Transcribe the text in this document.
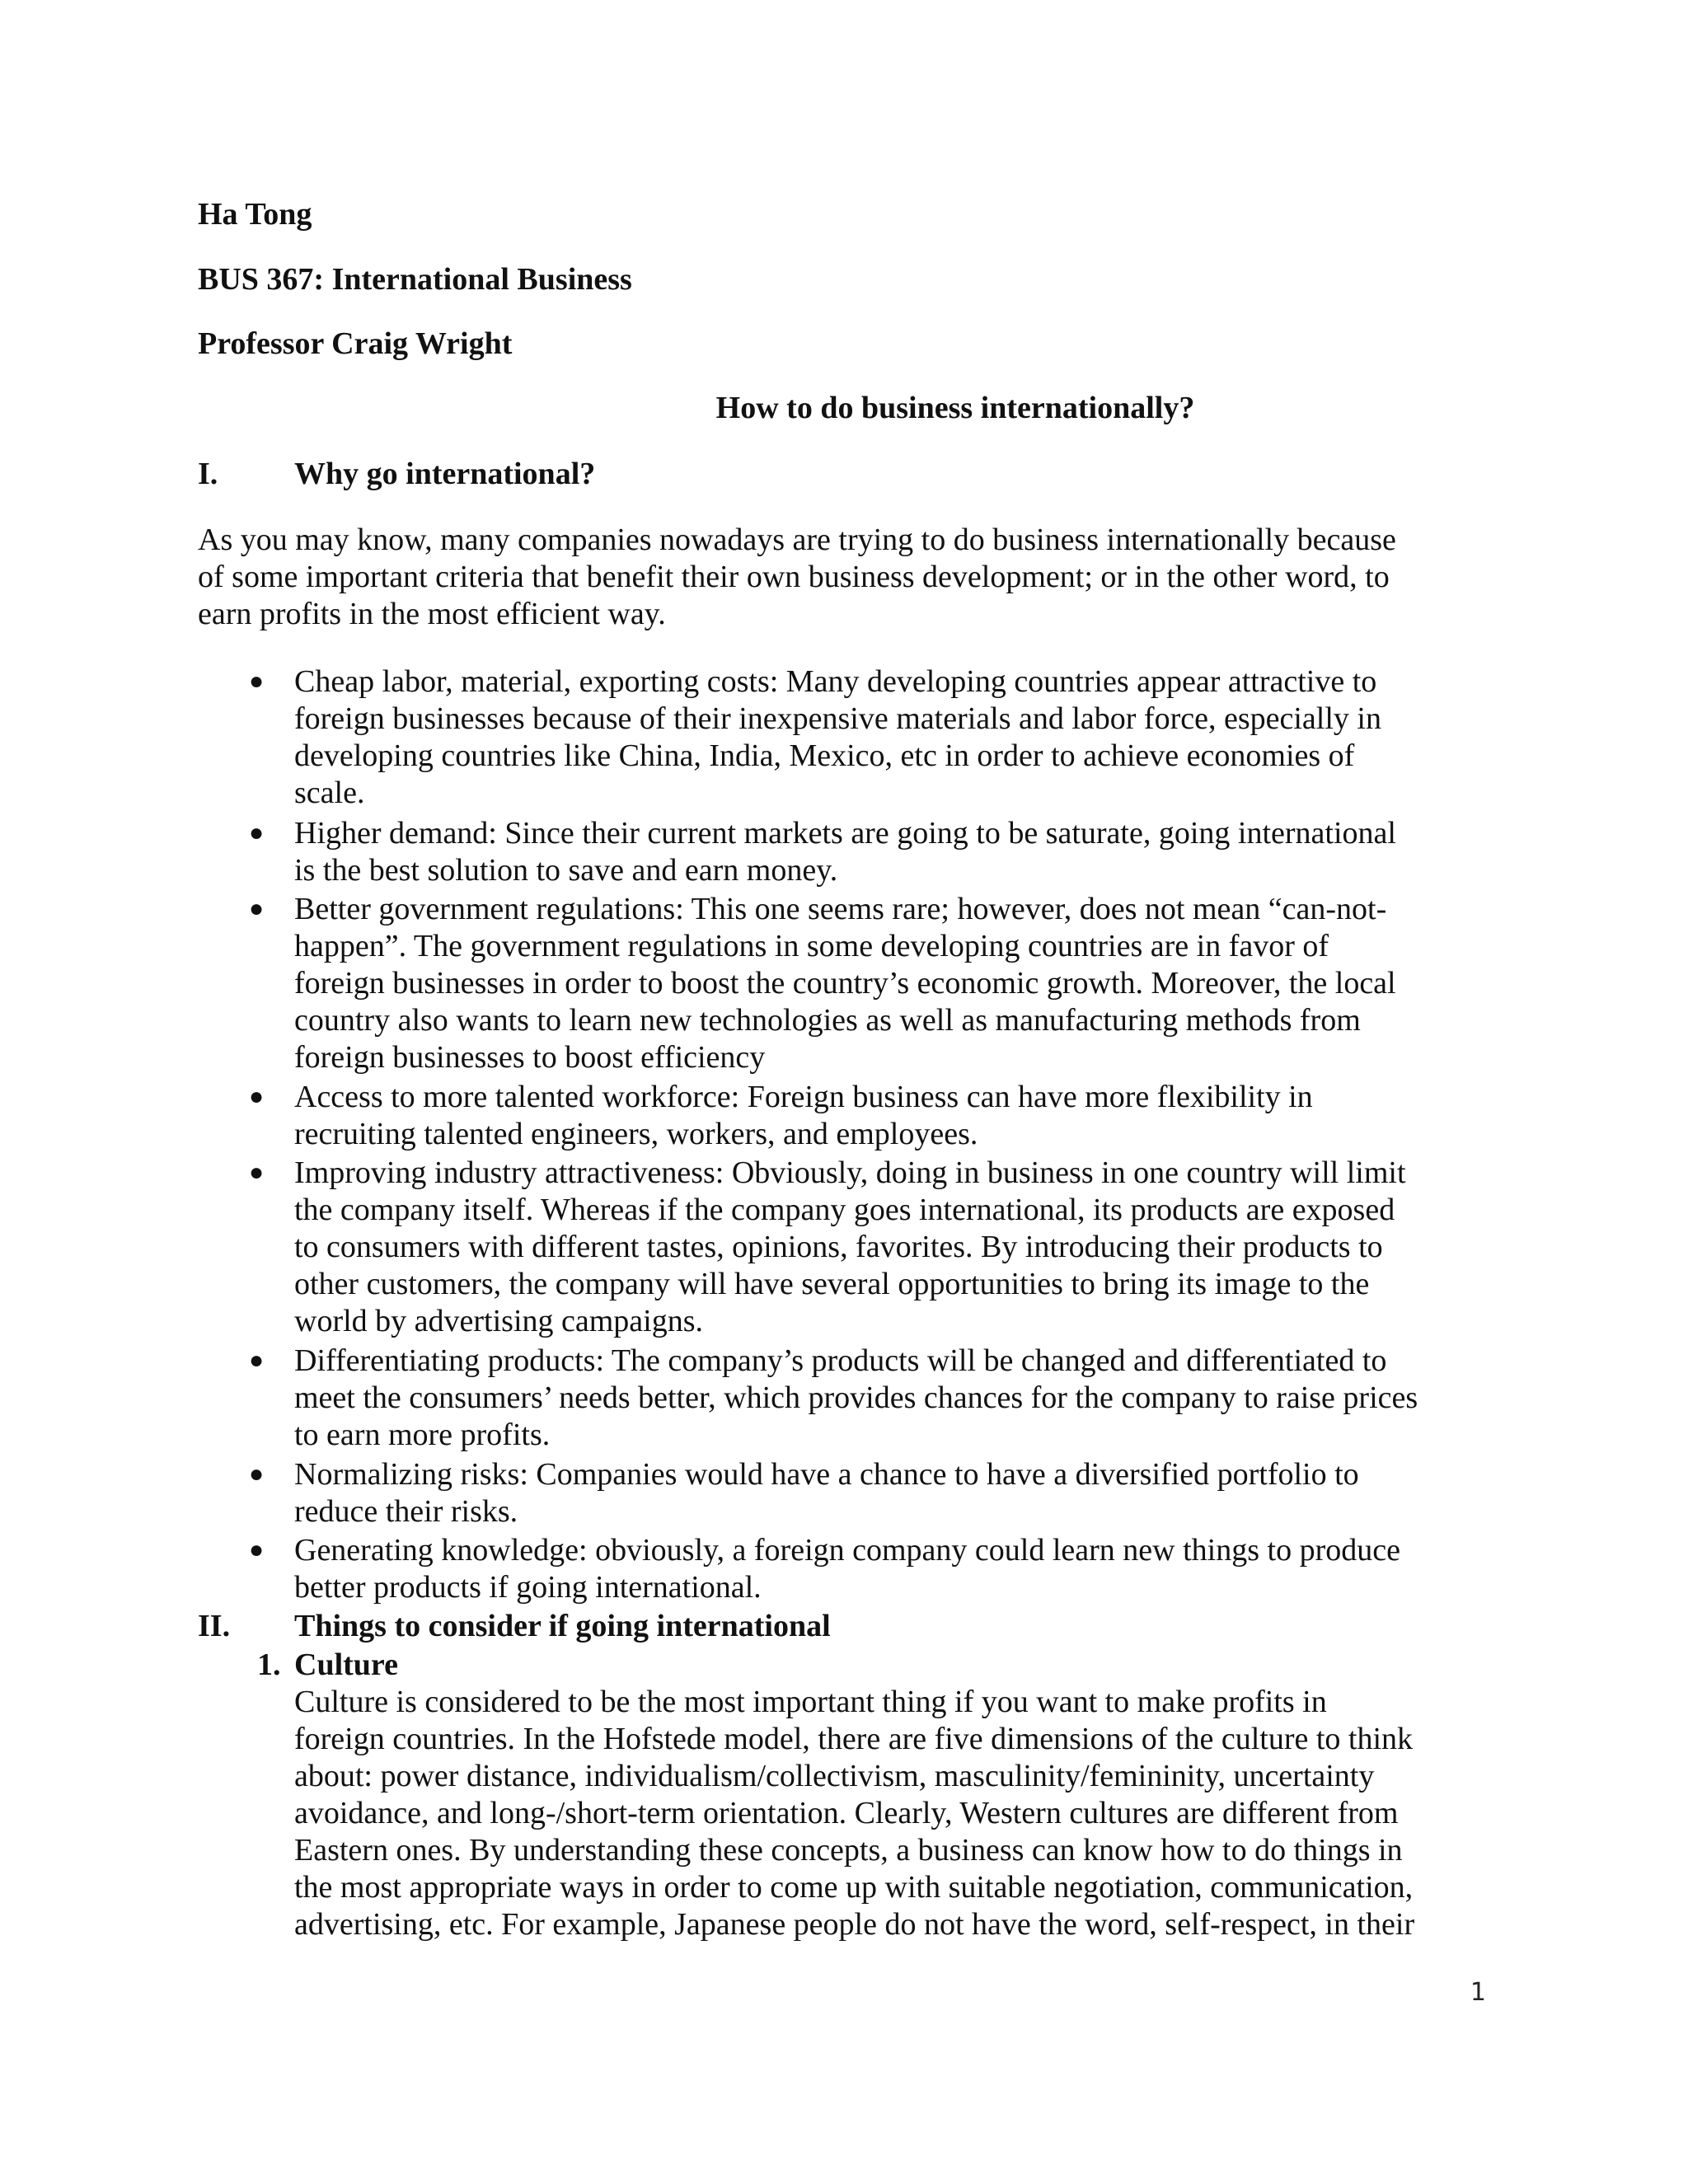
Ha Tong
BUS 367: International Business
Professor Craig Wright
How to do business internationally?
I. Why go international?
As you may know, many companies nowadays are trying to do business internationally because
of some important criteria that benefit their own business development; or in the other word, to
earn profits in the most efficient way.
● Cheap labor, material, exporting costs: Many developing countries appear attractive to
foreign businesses because of their inexpensive materials and labor force, especially in
developing countries like China, India, Mexico, etc in order to achieve economies of
scale.
● Higher demand: Since their current markets are going to be saturate, going international
is the best solution to save and earn money.
● Better government regulations: This one seems rare; however, does not mean “can-not-
happen”. The government regulations in some developing countries are in favor of
foreign businesses in order to boost the country’s economic growth. Moreover, the local
country also wants to learn new technologies as well as manufacturing methods from
foreign businesses to boost efficiency
● Access to more talented workforce: Foreign business can have more flexibility in
recruiting talented engineers, workers, and employees.
● Improving industry attractiveness: Obviously, doing in business in one country will limit
the company itself. Whereas if the company goes international, its products are exposed
to consumers with different tastes, opinions, favorites. By introducing their products to
other customers, the company will have several opportunities to bring its image to the
world by advertising campaigns.
● Differentiating products: The company’s products will be changed and differentiated to
meet the consumers’ needs better, which provides chances for the company to raise prices
to earn more profits.
● Normalizing risks: Companies would have a chance to have a diversified portfolio to
reduce their risks.
● Generating knowledge: obviously, a foreign company could learn new things to produce
better products if going international.
II. Things to consider if going international
1. Culture
Culture is considered to be the most important thing if you want to make profits in
foreign countries. In the Hofstede model, there are five dimensions of the culture to think
about: power distance, individualism/collectivism, masculinity/femininity, uncertainty
avoidance, and long-/short-term orientation. Clearly, Western cultures are different from
Eastern ones. By understanding these concepts, a business can know how to do things in
the most appropriate ways in order to come up with suitable negotiation, communication,
advertising, etc. For example, Japanese people do not have the word, self-respect, in their
1
